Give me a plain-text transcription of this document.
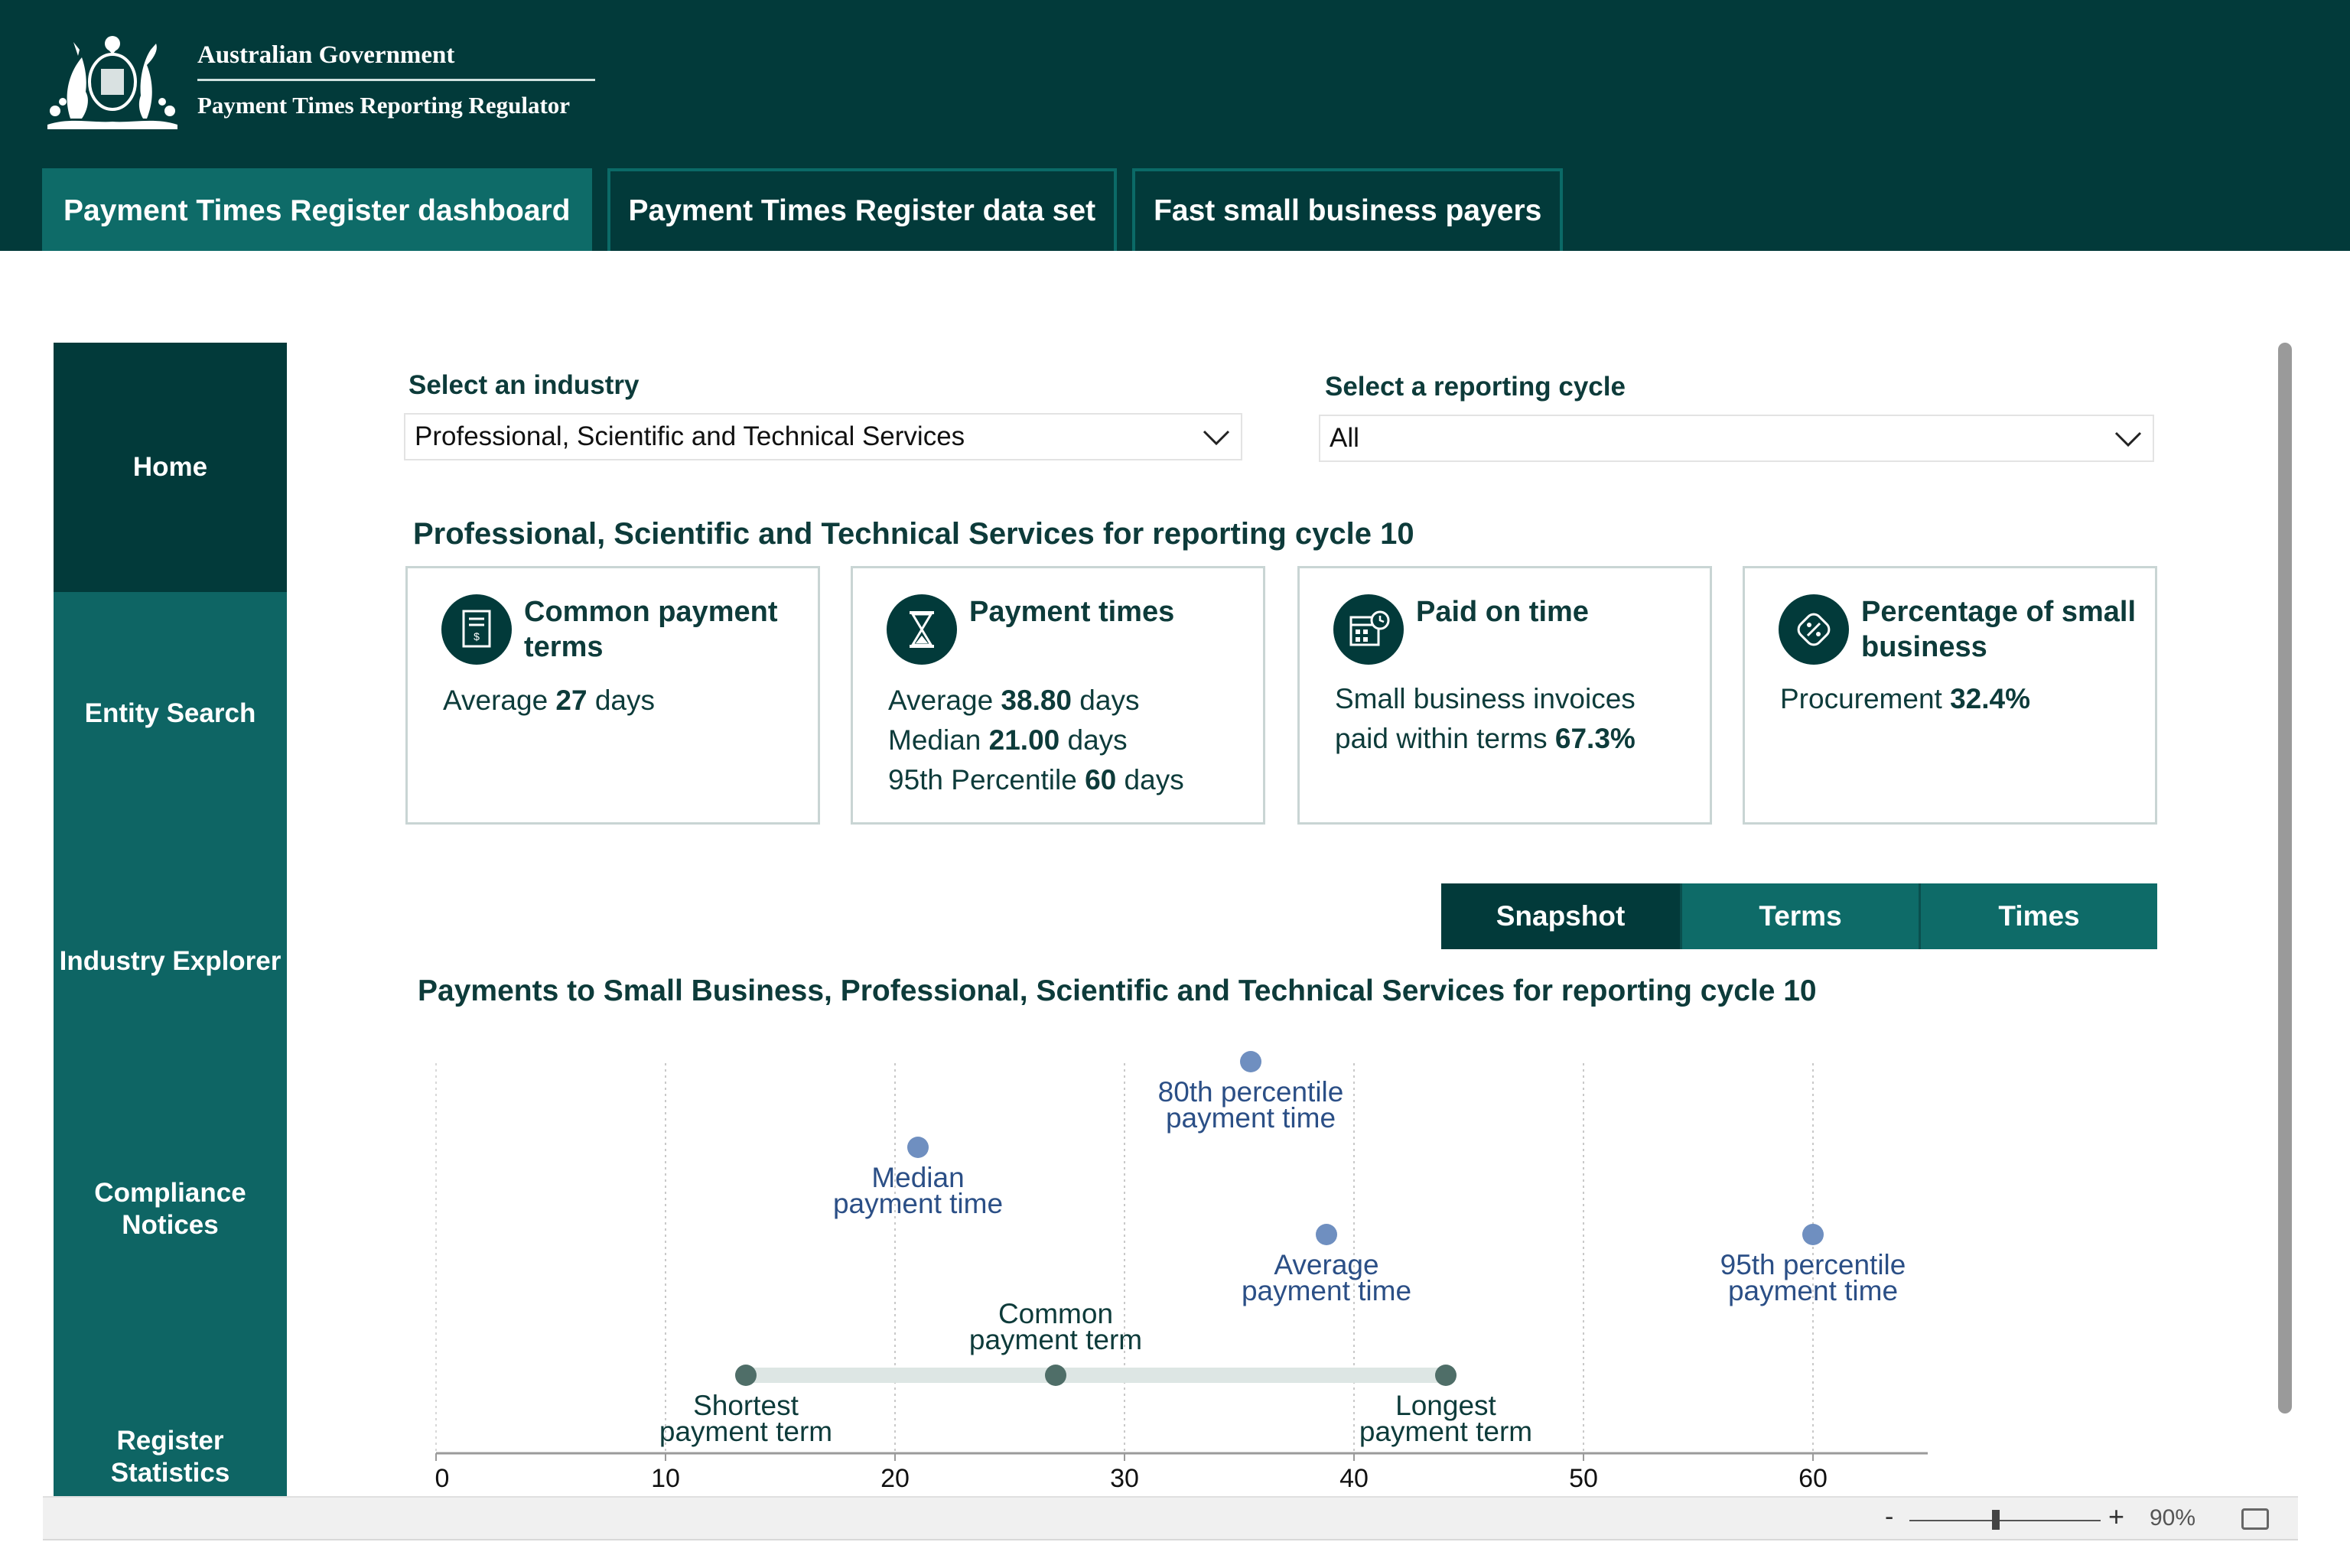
Australian Government
Payment Times Reporting Regulator
Payment Times Register dashboard	Payment Times Register data set	Fast small business payers
Home
Entity Search
Industry Explorer
Compliance Notices
Register Statistics
Select an industry
Professional, Scientific and Technical Services
Select a reporting cycle
All
Professional, Scientific and Technical Services for reporting cycle 10
$
Common payment terms
Average 27 days
Payment times
Average 38.80 days
Median 21.00 days
95th Percentile 60 days
Paid on time
Small business invoices
paid within terms 67.3%
Percentage of small business
Procurement 32.4%
Snapshot	Terms	Times
Payments to Small Business, Professional, Scientific and Technical Services for reporting cycle 10
0	10	20	30	40	50	60
Shortest
payment term
Common
payment term
Longest
payment term
Median
payment time
80th percentile
payment time
Average
payment time
95th percentile
payment time
-	+ 90%
